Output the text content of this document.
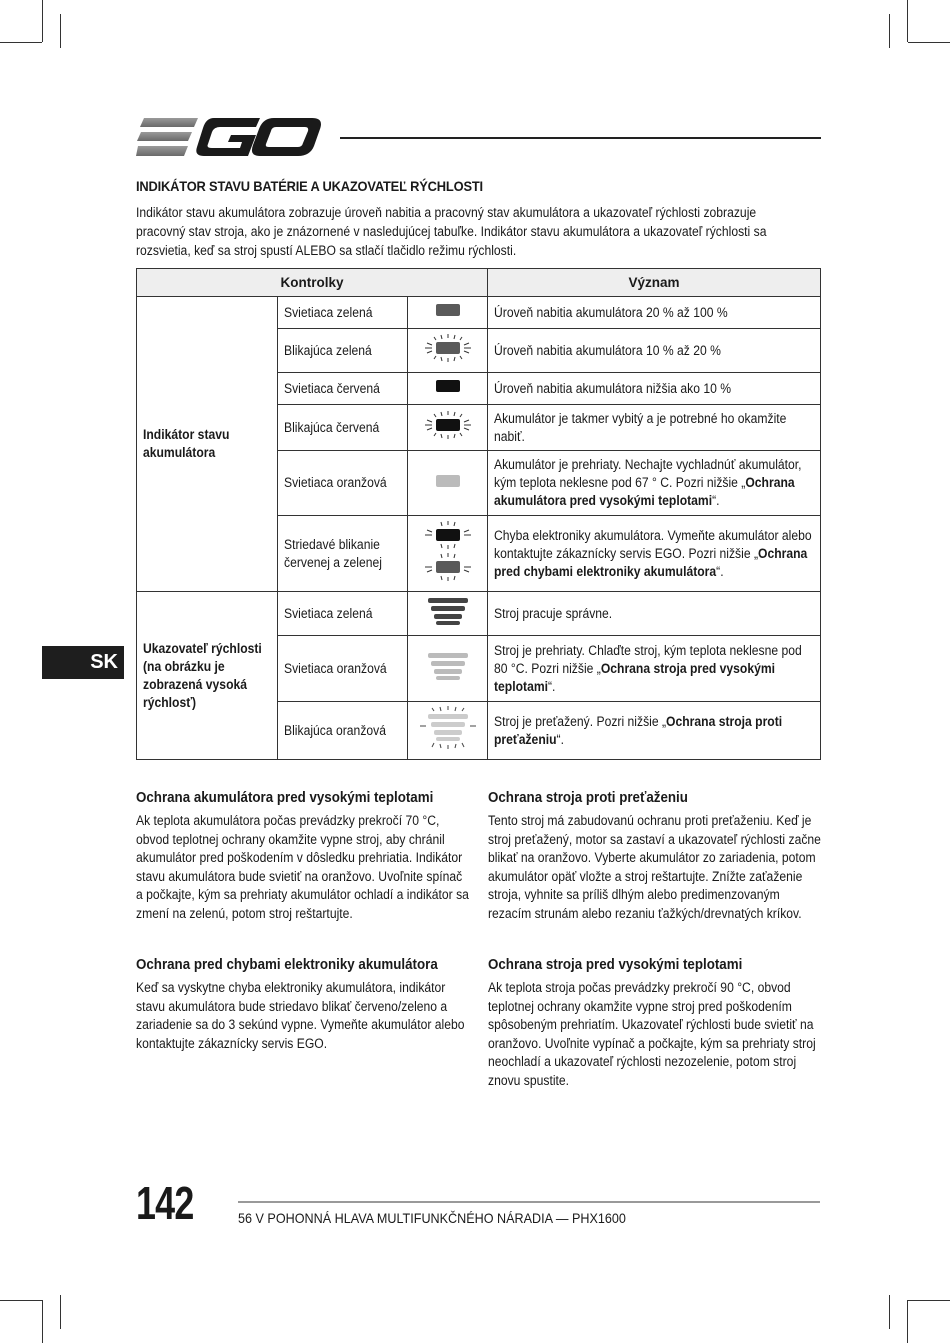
INDIKÁTOR STAVU BATÉRIE A UKAZOVATEĽ RÝCHLOSTI
Indikátor stavu akumulátora zobrazuje úroveň nabitia a pracovný stav akumulátora a ukazovateľ rýchlosti zobrazuje pracovný stav stroja, ako je znázornené v nasledujúcej tabuľke. Indikátor stavu akumulátora a ukazovateľ rýchlosti sa rozsvietia, keď sa stroj spustí ALEBO sa stlačí tlačidlo režimu rýchlosti.
Kontrolky			Význam
Indikátor stavu akumulátora	Svietiaca zelená		Úroveň nabitia akumulátora 20 % až 100 %
	Blikajúca zelená		Úroveň nabitia akumulátora 10 % až 20 %
	Svietiaca červená		Úroveň nabitia akumulátora nižšia ako 10 %
	Blikajúca červená		Akumulátor je takmer vybitý a je potrebné ho okamžite nabiť.
	Svietiaca oranžová		Akumulátor je prehriaty. Nechajte vychladnúť akumulátor, kým teplota neklesne pod 67 ° C. Pozri nižšie „Ochrana akumulátora pred vysokými teplotami“.
	Striedavé blikanie červenej a zelenej		Chyba elektroniky akumulátora. Vymeňte akumulátor alebo kontaktujte zákaznícky servis EGO. Pozri nižšie „Ochrana pred chybami elektroniky akumulátora“.
Ukazovateľ rýchlosti (na obrázku je zobrazená vysoká rýchlosť)	Svietiaca zelená		Stroj pracuje správne.
	Svietiaca oranžová		Stroj je prehriaty. Chlaďte stroj, kým teplota neklesne pod 80 °C. Pozri nižšie „Ochrana stroja pred vysokými teplotami“.
	Blikajúca oranžová		Stroj je preťažený. Pozri nižšie „Ochrana stroja proti preťaženiu“.
SK

Ochrana akumulátora pred vysokými teplotami

Ak teplota akumulátora počas prevádzky prekročí 70 °C, obvod teplotnej ochrany okamžite vypne stroj, aby chránil akumulátor pred poškodením v dôsledku prehriatia. Indikátor stavu akumulátora bude svietiť na oranžovo. Uvoľnite spínač a počkajte, kým sa prehriaty akumulátor ochladí a indikátor sa zmení na zelenú, potom stroj reštartujte.

Ochrana pred chybami elektroniky akumulátora

Keď sa vyskytne chyba elektroniky akumulátora, indikátor stavu akumulátora bude striedavo blikať červeno/zeleno a zariadenie sa do 3 sekúnd vypne. Vymeňte akumulátor alebo kontaktujte zákaznícky servis EGO.

Ochrana stroja proti preťaženiu

Tento stroj má zabudovanú ochranu proti preťaženiu. Keď je stroj preťažený, motor sa zastaví a ukazovateľ rýchlosti začne blikať na oranžovo. Vyberte akumulátor zo zariadenia, potom akumulátor opäť vložte a stroj reštartujte. Znížte zaťaženie stroja, vyhnite sa príliš dlhým alebo predimenzovaným rezacím strunám alebo rezaniu ťažkých/drevnatých kríkov.

Ochrana stroja pred vysokými teplotami

Ak teplota stroja počas prevádzky prekročí 90 °C, obvod teplotnej ochrany okamžite vypne stroj pred poškodením spôsobeným prehriatím. Ukazovateľ rýchlosti bude svietiť na oranžovo. Uvoľnite vypínač a počkajte, kým sa prehriaty stroj neochladí a ukazovateľ rýchlosti nezozelenie, potom stroj znovu spustite.

142	56 V POHONNÁ HLAVA MULTIFUNKČNÉHO NÁRADIA — PHX1600
